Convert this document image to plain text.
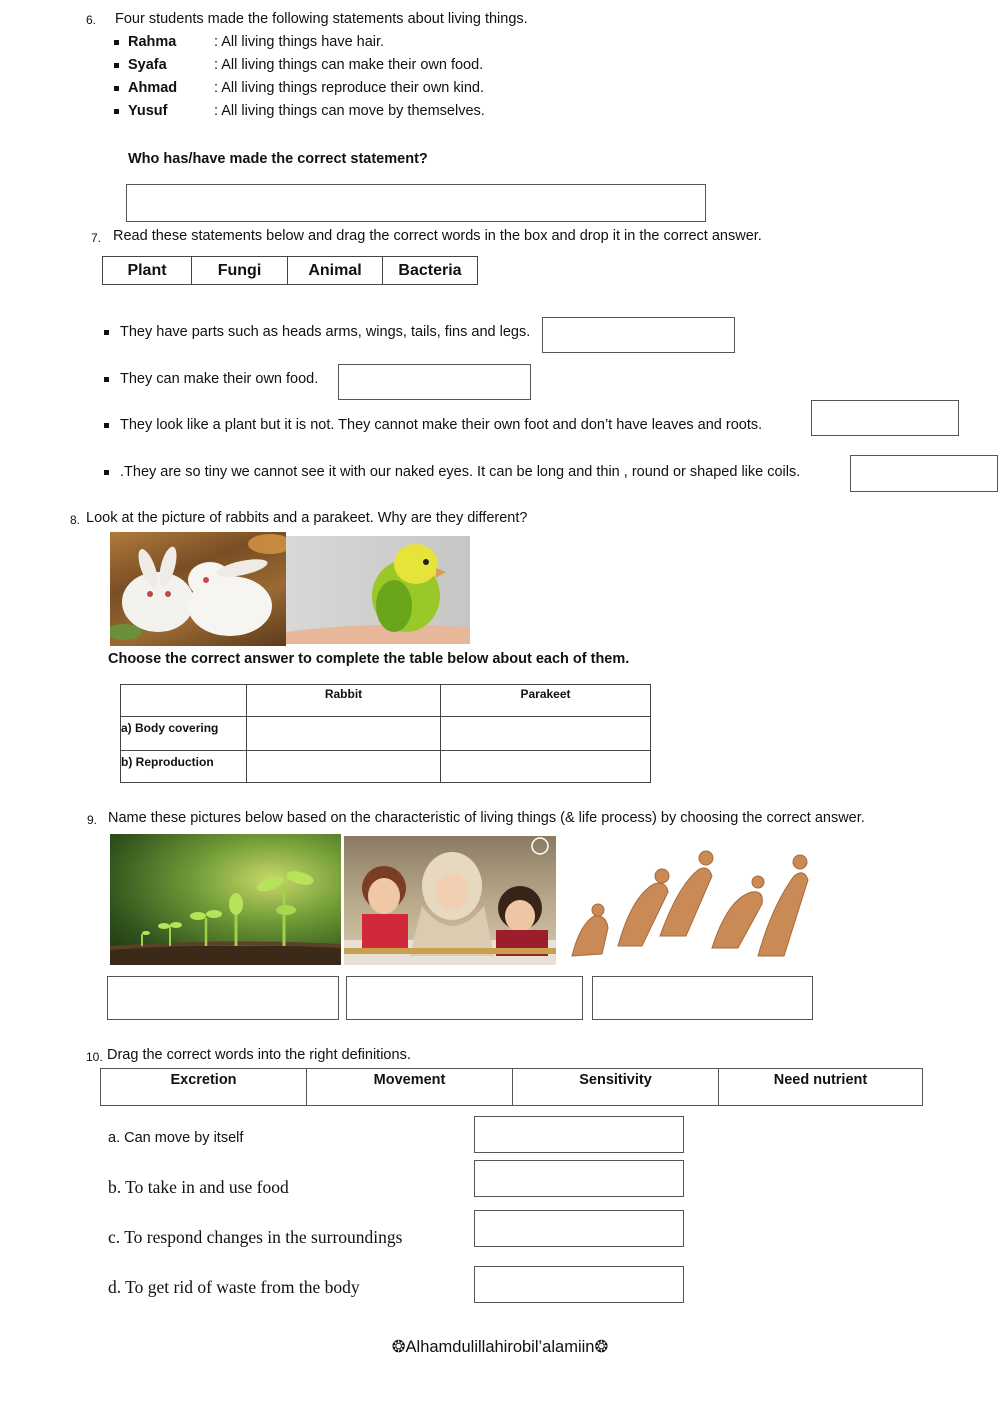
6. Four students made the following statements about living things.
Rahma	: All living things have hair.
Syafa	: All living things can make their own food.
Ahmad	: All living things reproduce their own kind.
Yusuf	: All living things can move by themselves.
Who has/have made the correct statement?
7. Read these statements below and drag the correct words in the box and drop it in the correct answer.
Plant	Fungi	Animal	Bacteria
They have parts such as heads arms, wings, tails, fins and legs.
They can make their own food.
They look like a plant but it is not. They cannot make their own foot and don’t have leaves and roots.
.They are so tiny we cannot see it with our naked eyes. It can be long and thin , round or shaped like coils.
8. Look at the picture of rabbits and a parakeet. Why are they different?
Choose the correct answer to complete the table below about each of them.
	Rabbit	Parakeet
a) Body covering		
b) Reproduction		
9. Name these pictures below based on the characteristic of living things (& life process) by choosing the correct answer.
10. Drag the correct words into the right definitions.
Excretion	Movement	Sensitivity	Need nutrient
a. Can move by itself
b. To take in and use food
c. To respond changes in the surroundings
d. To get rid of waste from the body
❂Alhamdulillahirobil’alamiin❂
